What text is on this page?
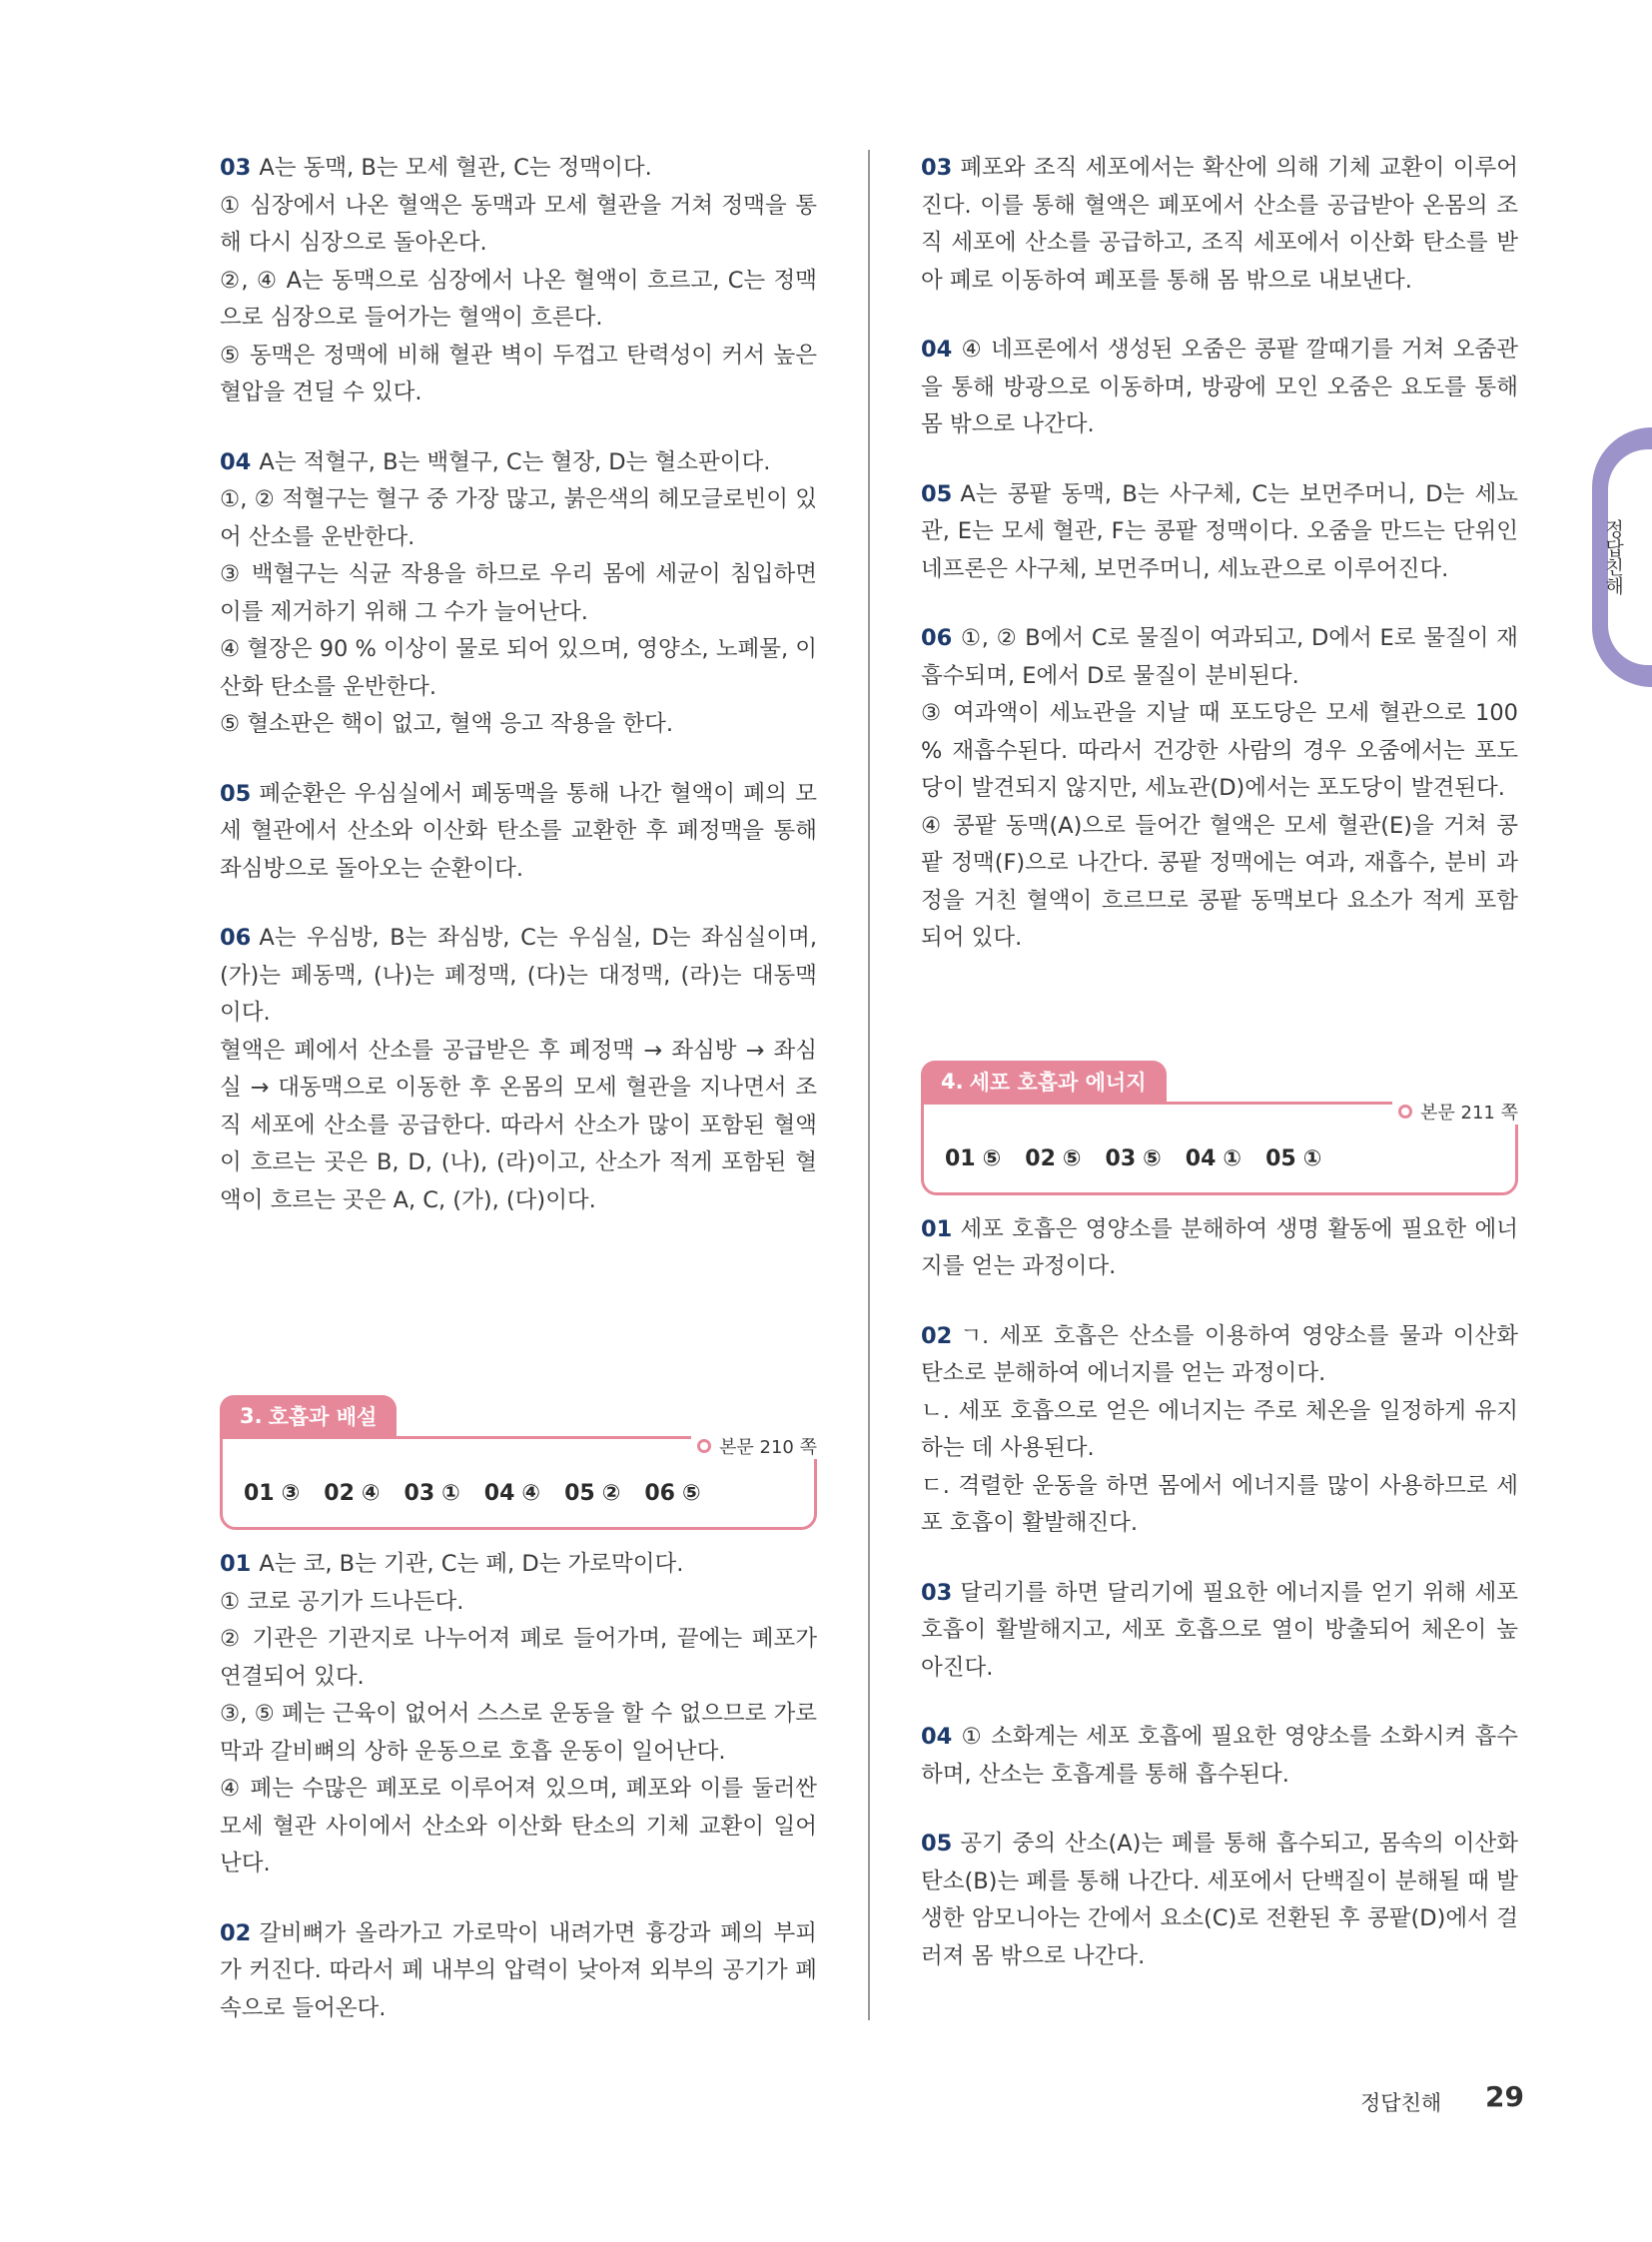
정답친해

03 A는 동맥, B는 모세 혈관, C는 정맥이다.

① 심장에서 나온 혈액은 동맥과 모세 혈관을 거쳐 정맥을 통해 다시 심장으로 돌아온다.

②, ④ A는 동맥으로 심장에서 나온 혈액이 흐르고, C는 정맥으로 심장으로 들어가는 혈액이 흐른다.

⑤ 동맥은 정맥에 비해 혈관 벽이 두껍고 탄력성이 커서 높은 혈압을 견딜 수 있다.

04 A는 적혈구, B는 백혈구, C는 혈장, D는 혈소판이다.

①, ② 적혈구는 혈구 중 가장 많고, 붉은색의 헤모글로빈이 있어 산소를 운반한다.

③ 백혈구는 식균 작용을 하므로 우리 몸에 세균이 침입하면 이를 제거하기 위해 그 수가 늘어난다.

④ 혈장은 90 % 이상이 물로 되어 있으며, 영양소, 노폐물, 이산화 탄소를 운반한다.

⑤ 혈소판은 핵이 없고, 혈액 응고 작용을 한다.

05 폐순환은 우심실에서 폐동맥을 통해 나간 혈액이 폐의 모세 혈관에서 산소와 이산화 탄소를 교환한 후 폐정맥을 통해 좌심방으로 돌아오는 순환이다.

06 A는 우심방, B는 좌심방, C는 우심실, D는 좌심실이며, (가)는 폐동맥, (나)는 폐정맥, (다)는 대정맥, (라)는 대동맥이다.

혈액은 폐에서 산소를 공급받은 후 폐정맥 → 좌심방 → 좌심실 → 대동맥으로 이동한 후 온몸의 모세 혈관을 지나면서 조직 세포에 산소를 공급한다. 따라서 산소가 많이 포함된 혈액이 흐르는 곳은 B, D, (나), (라)이고, 산소가 적게 포함된 혈액이 흐르는 곳은 A, C, (가), (다)이다.

3. 호흡과 배설
본문 210 쪽
01 ③ 02 ④ 03 ① 04 ④ 05 ② 06 ⑤

01 A는 코, B는 기관, C는 폐, D는 가로막이다.

① 코로 공기가 드나든다.

② 기관은 기관지로 나누어져 폐로 들어가며, 끝에는 폐포가 연결되어 있다.

③, ⑤ 폐는 근육이 없어서 스스로 운동을 할 수 없으므로 가로막과 갈비뼈의 상하 운동으로 호흡 운동이 일어난다.

④ 폐는 수많은 폐포로 이루어져 있으며, 폐포와 이를 둘러싼 모세 혈관 사이에서 산소와 이산화 탄소의 기체 교환이 일어난다.

02 갈비뼈가 올라가고 가로막이 내려가면 흉강과 폐의 부피가 커진다. 따라서 폐 내부의 압력이 낮아져 외부의 공기가 폐 속으로 들어온다.

03 폐포와 조직 세포에서는 확산에 의해 기체 교환이 이루어진다. 이를 통해 혈액은 폐포에서 산소를 공급받아 온몸의 조직 세포에 산소를 공급하고, 조직 세포에서 이산화 탄소를 받아 폐로 이동하여 폐포를 통해 몸 밖으로 내보낸다.

04 ④ 네프론에서 생성된 오줌은 콩팥 깔때기를 거쳐 오줌관을 통해 방광으로 이동하며, 방광에 모인 오줌은 요도를 통해 몸 밖으로 나간다.

05 A는 콩팥 동맥, B는 사구체, C는 보먼주머니, D는 세뇨관, E는 모세 혈관, F는 콩팥 정맥이다. 오줌을 만드는 단위인 네프론은 사구체, 보먼주머니, 세뇨관으로 이루어진다.

06 ①, ② B에서 C로 물질이 여과되고, D에서 E로 물질이 재흡수되며, E에서 D로 물질이 분비된다.

③ 여과액이 세뇨관을 지날 때 포도당은 모세 혈관으로 100 % 재흡수된다. 따라서 건강한 사람의 경우 오줌에서는 포도당이 발견되지 않지만, 세뇨관(D)에서는 포도당이 발견된다.

④ 콩팥 동맥(A)으로 들어간 혈액은 모세 혈관(E)을 거쳐 콩팥 정맥(F)으로 나간다. 콩팥 정맥에는 여과, 재흡수, 분비 과정을 거친 혈액이 흐르므로 콩팥 동맥보다 요소가 적게 포함되어 있다.

4. 세포 호흡과 에너지
본문 211 쪽
01 ⑤ 02 ⑤ 03 ⑤ 04 ① 05 ①

01 세포 호흡은 영양소를 분해하여 생명 활동에 필요한 에너지를 얻는 과정이다.

02 ㄱ. 세포 호흡은 산소를 이용하여 영양소를 물과 이산화 탄소로 분해하여 에너지를 얻는 과정이다.

ㄴ. 세포 호흡으로 얻은 에너지는 주로 체온을 일정하게 유지하는 데 사용된다.

ㄷ. 격렬한 운동을 하면 몸에서 에너지를 많이 사용하므로 세포 호흡이 활발해진다.

03 달리기를 하면 달리기에 필요한 에너지를 얻기 위해 세포 호흡이 활발해지고, 세포 호흡으로 열이 방출되어 체온이 높아진다.

04 ① 소화계는 세포 호흡에 필요한 영양소를 소화시켜 흡수하며, 산소는 호흡계를 통해 흡수된다.

05 공기 중의 산소(A)는 폐를 통해 흡수되고, 몸속의 이산화 탄소(B)는 폐를 통해 나간다. 세포에서 단백질이 분해될 때 발생한 암모니아는 간에서 요소(C)로 전환된 후 콩팥(D)에서 걸러져 몸 밖으로 나간다.

정답친해 29
